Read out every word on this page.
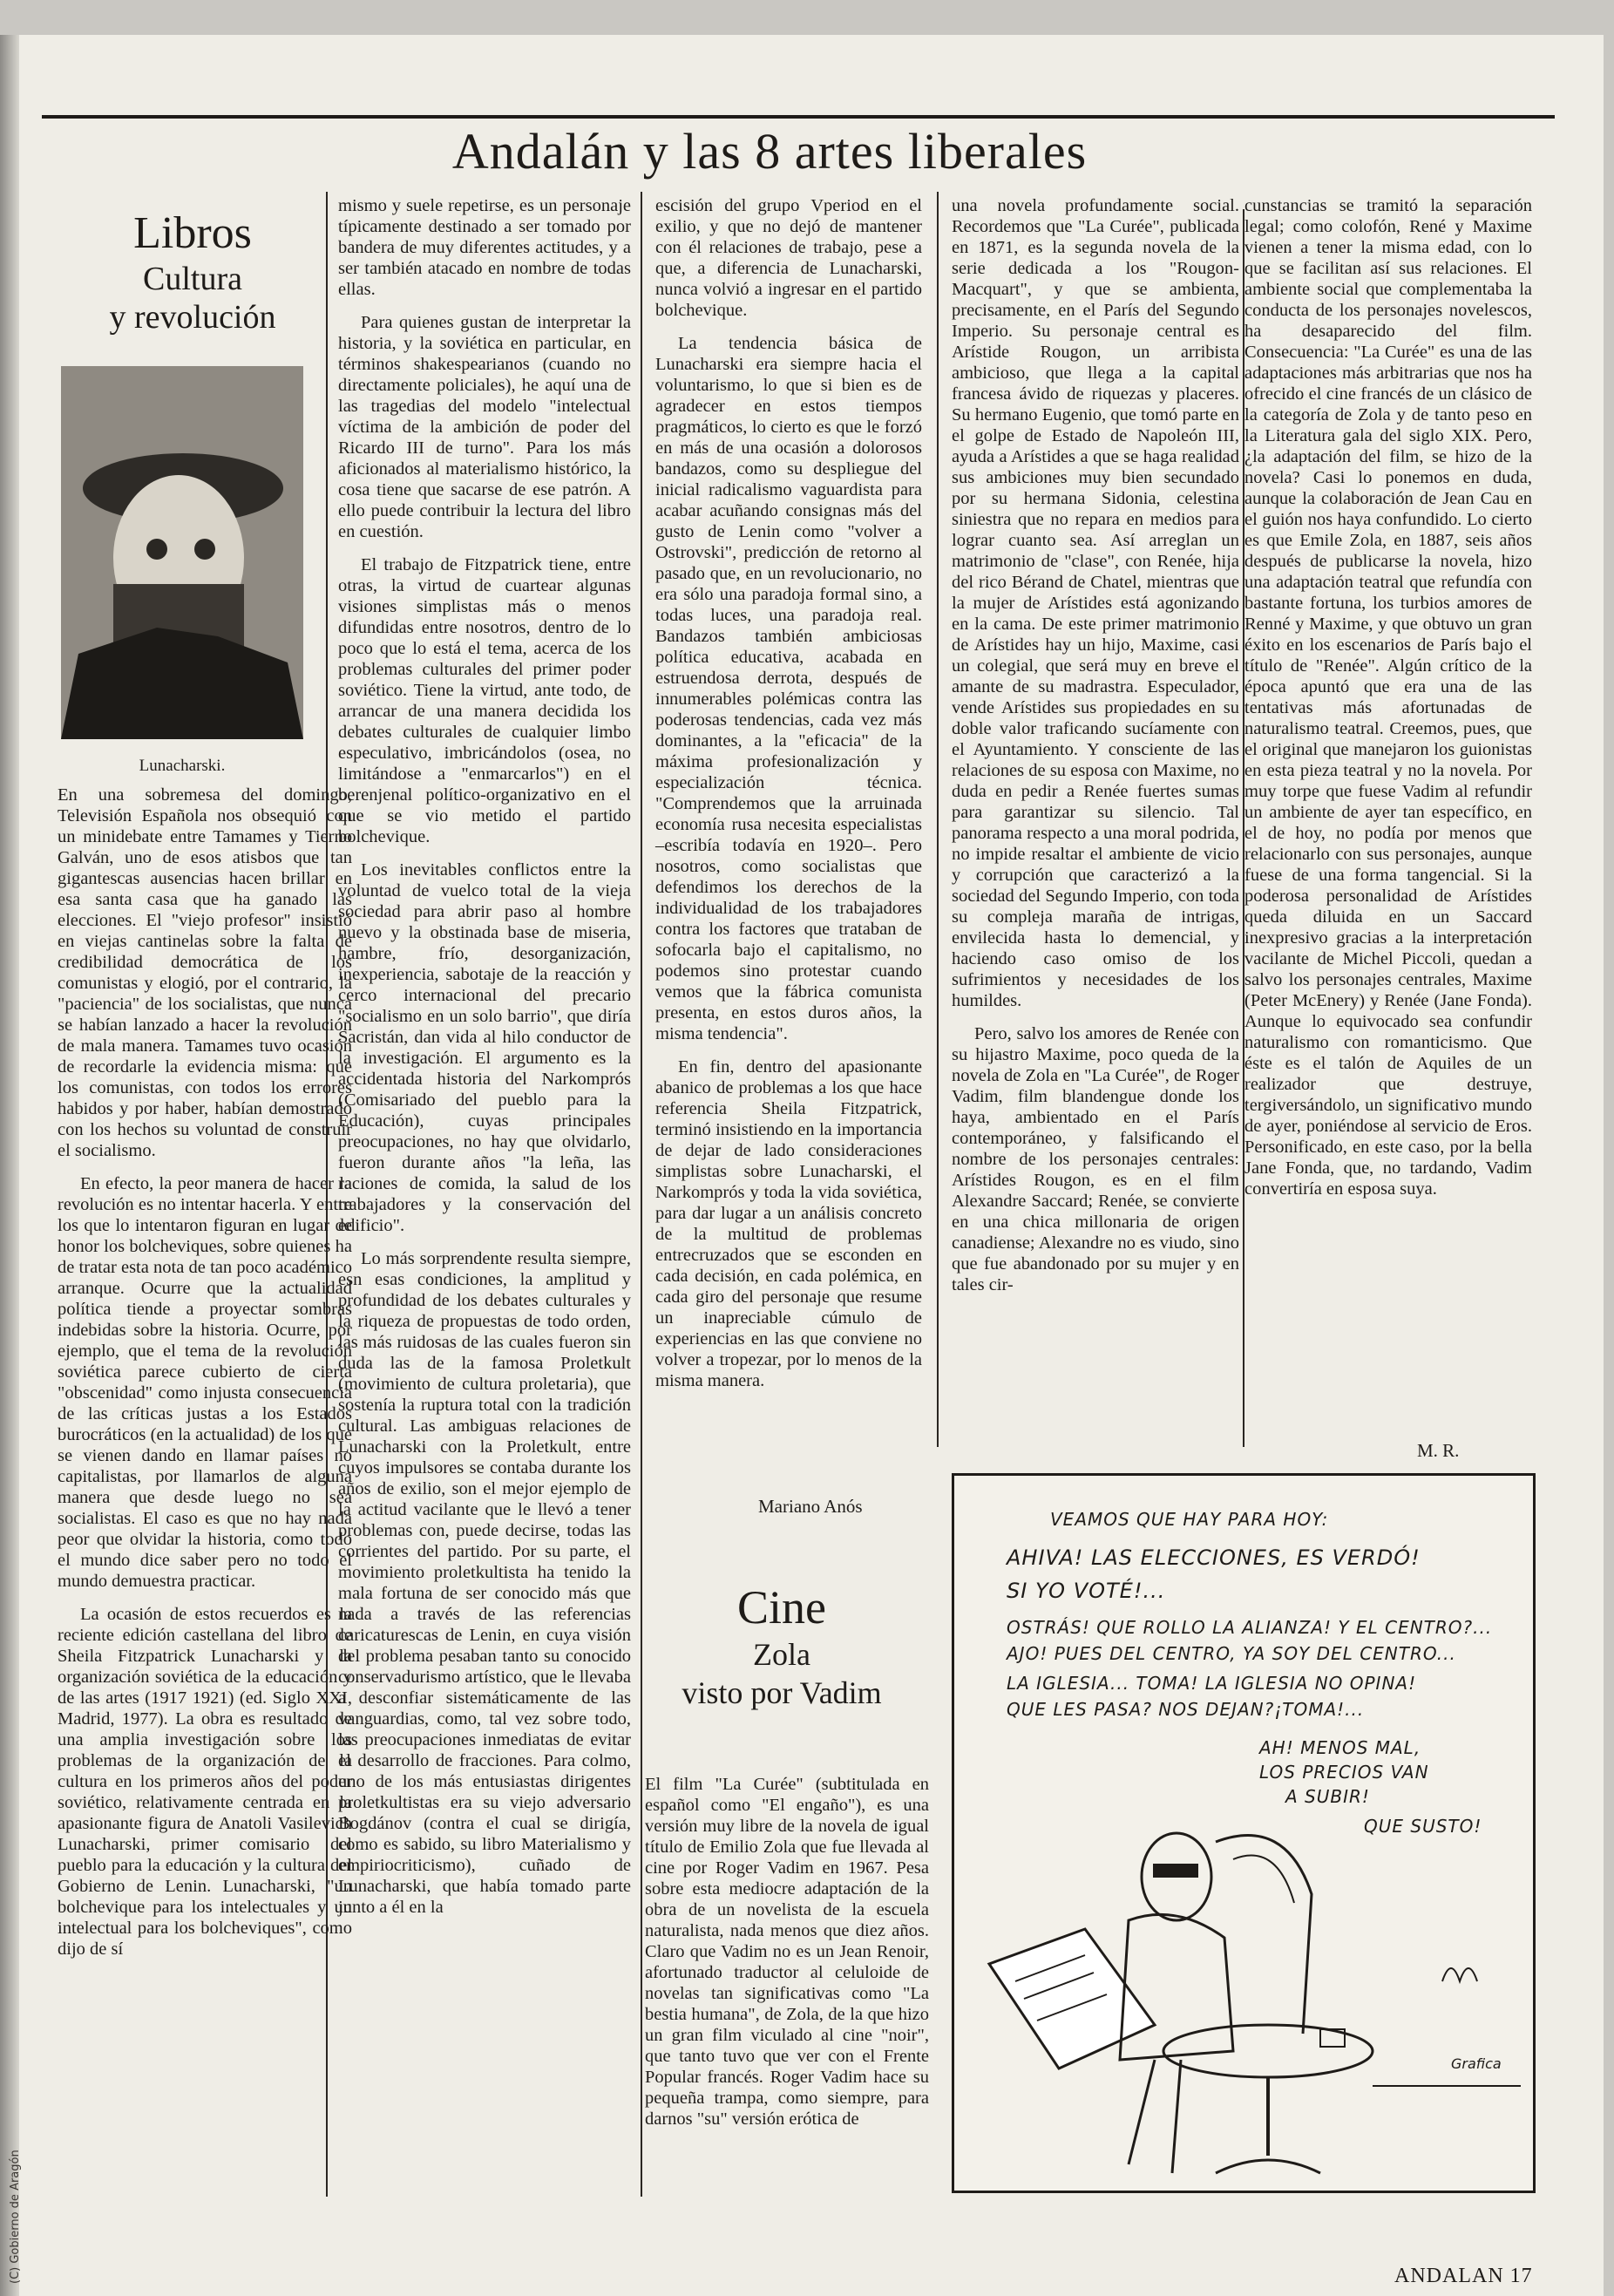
Andalán y las 8 artes liberales
Libros
Cultura
y revolución
Lunacharski.

En una sobremesa del domingo, Televisión Española nos obsequió con un minidebate entre Tamames y Tierno Galván, uno de esos atisbos que tan gigantescas ausencias hacen brillar en esa santa casa que ha ganado las elecciones. El "viejo profesor" insistió en viejas cantinelas sobre la falta de credibilidad democrática de los comunistas y elogió, por el contrario, la "paciencia" de los socialistas, que nunca se habían lanzado a hacer la revolución de mala manera. Tamames tuvo ocasión de recordarle la evidencia misma: que los comunistas, con todos los errores habidos y por haber, habían demostrado con los hechos su voluntad de construir el socialismo.

En efecto, la peor manera de hacer la revolución es no intentar hacerla. Y entre los que lo intentaron figuran en lugar de honor los bolcheviques, sobre quienes ha de tratar esta nota de tan poco académico arranque. Ocurre que la actualidad política tiende a proyectar sombras indebidas sobre la historia. Ocurre, por ejemplo, que el tema de la revolución soviética parece cubierto de cierta "obscenidad" como injusta consecuencia de las críticas justas a los Estados burocráticos (en la actualidad) de los que se vienen dando en llamar países no capitalistas, por llamarlos de alguna manera que desde luego no sea socialistas. El caso es que no hay nada peor que olvidar la historia, como todo el mundo dice saber pero no todo el mundo demuestra practicar.

La ocasión de estos recuerdos es la reciente edición castellana del libro de Sheila Fitzpatrick Lunacharski y la organización soviética de la educación y de las artes (1917 1921) (ed. Siglo XXI, Madrid, 1977). La obra es resultado de una amplia investigación sobre los problemas de la organización de la cultura en los primeros años del poder soviético, relativamente centrada en la apasionante figura de Anatoli Vasilevich Lunacharski, primer comisario del pueblo para la educación y la cultura del Gobierno de Lenin. Lunacharski, "un bolchevique para los intelectuales y un intelectual para los bolcheviques", como dijo de sí

mismo y suele repetirse, es un personaje típicamente destinado a ser tomado por bandera de muy diferentes actitudes, y a ser también atacado en nombre de todas ellas.

Para quienes gustan de interpretar la historia, y la soviética en particular, en términos shakespearianos (cuando no directamente policiales), he aquí una de las tragedias del modelo "intelectual víctima de la ambición de poder del Ricardo III de turno". Para los más aficionados al materialismo histórico, la cosa tiene que sacarse de ese patrón. A ello puede contribuir la lectura del libro en cuestión.

El trabajo de Fitzpatrick tiene, entre otras, la virtud de cuartear algunas visiones simplistas más o menos difundidas entre nosotros, dentro de lo poco que lo está el tema, acerca de los problemas culturales del primer poder soviético. Tiene la virtud, ante todo, de arrancar de una manera decidida los debates culturales de cualquier limbo especulativo, imbricándolos (osea, no limitándose a "enmarcarlos") en el berenjenal político-organizativo en el que se vio metido el partido bolchevique.

Los inevitables conflictos entre la voluntad de vuelco total de la vieja sociedad para abrir paso al hombre nuevo y la obstinada base de miseria, hambre, frío, desorganización, inexperiencia, sabotaje de la reacción y cerco internacional del precario "socialismo en un solo barrio", que diría Sacristán, dan vida al hilo conductor de la investigación. El argumento es la accidentada historia del Narkomprós (Comisariado del pueblo para la Educación), cuyas principales preocupaciones, no hay que olvidarlo, fueron durante años "la leña, las raciones de comida, la salud de los trabajadores y la conservación del edificio".

Lo más sorprendente resulta siempre, esn esas condiciones, la amplitud y profundidad de los debates culturales y la riqueza de propuestas de todo orden, las más ruidosas de las cuales fueron sin duda las de la famosa Proletkult (movimiento de cultura proletaria), que sostenía la ruptura total con la tradición cultural. Las ambiguas relaciones de Lunacharski con la Proletkult, entre cuyos impulsores se contaba durante los años de exilio, son el mejor ejemplo de la actitud vacilante que le llevó a tener problemas con, puede decirse, todas las corrientes del partido. Por su parte, el movimiento proletkultista ha tenido la mala fortuna de ser conocido más que nada a través de las referencias caricaturescas de Lenin, en cuya visión del problema pesaban tanto su conocido conservadurismo artístico, que le llevaba a desconfiar sistemáticamente de las vanguardias, como, tal vez sobre todo, las preocupaciones inmediatas de evitar el desarrollo de fracciones. Para colmo, uno de los más entusiastas dirigentes proletkultistas era su viejo adversario Bogdánov (contra el cual se dirigía, como es sabido, su libro Materialismo y empiriocriticismo), cuñado de Lunacharski, que había tomado parte junto a él en la

escisión del grupo Vperiod en el exilio, y que no dejó de mantener con él relaciones de trabajo, pese a que, a diferencia de Lunacharski, nunca volvió a ingresar en el partido bolchevique.

La tendencia básica de Lunacharski era siempre hacia el voluntarismo, lo que si bien es de agradecer en estos tiempos pragmáticos, lo cierto es que le forzó en más de una ocasión a dolorosos bandazos, como su despliegue del inicial radicalismo vaguardista para acabar acuñando consignas más del gusto de Lenin como "volver a Ostrovski", predicción de retorno al pasado que, en un revolucionario, no era sólo una paradoja formal sino, a todas luces, una paradoja real. Bandazos también ambiciosas política educativa, acabada en estruendosa derrota, después de innumerables polémicas contra las poderosas tendencias, cada vez más dominantes, a la "eficacia" de la máxima profesionalización y especialización técnica. "Comprendemos que la arruinada economía rusa necesita especialistas –escribía todavía en 1920–. Pero nosotros, como socialistas que defendimos los derechos de la individualidad de los trabajadores contra los factores que trataban de sofocarla bajo el capitalismo, no podemos sino protestar cuando vemos que la fábrica comunista presenta, en estos duros años, la misma tendencia".

En fin, dentro del apasionante abanico de problemas a los que hace referencia Sheila Fitzpatrick, terminó insistiendo en la importancia de dejar de lado consideraciones simplistas sobre Lunacharski, el Narkomprós y toda la vida soviética, para dar lugar a un análisis concreto de la multitud de problemas entrecruzados que se esconden en cada decisión, en cada polémica, en cada giro del personaje que resume un inapreciable cúmulo de experiencias en las que conviene no volver a tropezar, por lo menos de la misma manera.

Mariano Anós
Cine
Zola
visto por Vadim

El film "La Curée" (subtitulada en español como "El engaño"), es una versión muy libre de la novela de igual título de Emilio Zola que fue llevada al cine por Roger Vadim en 1967. Pesa sobre esta mediocre adaptación de la obra de un novelista de la escuela naturalista, nada menos que diez años. Claro que Vadim no es un Jean Renoir, afortunado traductor al celuloide de novelas tan significativas como "La bestia humana", de Zola, de la que hizo un gran film viculado al cine "noir", que tanto tuvo que ver con el Frente Popular francés. Roger Vadim hace su pequeña trampa, como siempre, para darnos "su" versión erótica de

una novela profundamente social. Recordemos que "La Curée", publicada en 1871, es la segunda novela de la serie dedicada a los "Rougon-Macquart", y que se ambienta, precisamente, en el París del Segundo Imperio. Su personaje central es Arístide Rougon, un arribista ambicioso, que llega a la capital francesa ávido de riquezas y placeres. Su hermano Eugenio, que tomó parte en el golpe de Estado de Napoleón III, ayuda a Arístides a que se haga realidad sus ambiciones muy bien secundado por su hermana Sidonia, celestina siniestra que no repara en medios para lograr cuanto sea. Así arreglan un matrimonio de "clase", con Renée, hija del rico Bérand de Chatel, mientras que la mujer de Arístides está agonizando en la cama. De este primer matrimonio de Arístides hay un hijo, Maxime, casi un colegial, que será muy en breve el amante de su madrastra. Especulador, vende Arístides sus propiedades en su doble valor traficando sucíamente con el Ayuntamiento. Y consciente de las relaciones de su esposa con Maxime, no duda en pedir a Renée fuertes sumas para garantizar su silencio. Tal panorama respecto a una moral podrida, no impide resaltar el ambiente de vicio y corrupción que caracterizó a la sociedad del Segundo Imperio, con toda su compleja maraña de intrigas, envilecida hasta lo demencial, y haciendo caso omiso de los sufrimientos y necesidades de los humildes.

Pero, salvo los amores de Renée con su hijastro Maxime, poco queda de la novela de Zola en "La Curée", de Roger Vadim, film blandengue donde los haya, ambientado en el París contemporáneo, y falsificando el nombre de los personajes centrales: Arístides Rougon, es en el film Alexandre Saccard; Renée, se convierte en una chica millonaria de origen canadiense; Alexandre no es viudo, sino que fue abandonado por su mujer y en tales cir-

cunstancias se tramitó la separación legal; como colofón, René y Maxime vienen a tener la misma edad, con lo que se facilitan así sus relaciones. El ambiente social que complementaba la conducta de los personajes novelescos, ha desaparecido del film. Consecuencia: "La Curée" es una de las adaptaciones más arbitrarias que nos ha ofrecido el cine francés de un clásico de la categoría de Zola y de tanto peso en la Literatura gala del siglo XIX. Pero, ¿la adaptación del film, se hizo de la novela? Casi lo ponemos en duda, aunque la colaboración de Jean Cau en el guión nos haya confundido. Lo cierto es que Emile Zola, en 1887, seis años después de publicarse la novela, hizo una adaptación teatral que refundía con bastante fortuna, los turbios amores de Renné y Maxime, y que obtuvo un gran éxito en los escenarios de París bajo el título de "Renée". Algún crítico de la época apuntó que era una de las tentativas más afortunadas de naturalismo teatral. Creemos, pues, que el original que manejaron los guionistas en esta pieza teatral y no la novela. Por muy torpe que fuese Vadim al refundir un ambiente de ayer tan específico, en el de hoy, no podía por menos que relacionarlo con sus personajes, aunque fuese de una forma tangencial. Si la poderosa personalidad de Arístides queda diluida en un Saccard inexpresivo gracias a la interpretación vacilante de Michel Piccoli, quedan a salvo los personajes centrales, Maxime (Peter McEnery) y Renée (Jane Fonda). Aunque lo equivocado sea confundir naturalismo con romanticismo. Que éste es el talón de Aquiles de un realizador que destruye, tergiversándolo, un significativo mundo de ayer, poniéndose al servicio de Eros. Personificado, en este caso, por la bella Jane Fonda, que, no tardando, Vadim convertiría en esposa suya.

M. R.
VEAMOS QUE HAY PARA HOY:
AHIVA! LAS ELECCIONES, ES VERDÓ!
SI YO VOTÉ!...
OSTRÁS! QUE ROLLO LA ALIANZA! Y EL CENTRO?...
AJO! PUES DEL CENTRO, YA SOY DEL CENTRO...
LA IGLESIA... TOMA! LA IGLESIA NO OPINA!
QUE LES PASA? NOS DEJAN?¡TOMA!...
AH! MENOS MAL,
LOS PRECIOS VAN
A SUBIR!
QUE SUSTO!
Grafica
ANDALAN 17
(C) Gobierno de Aragón
